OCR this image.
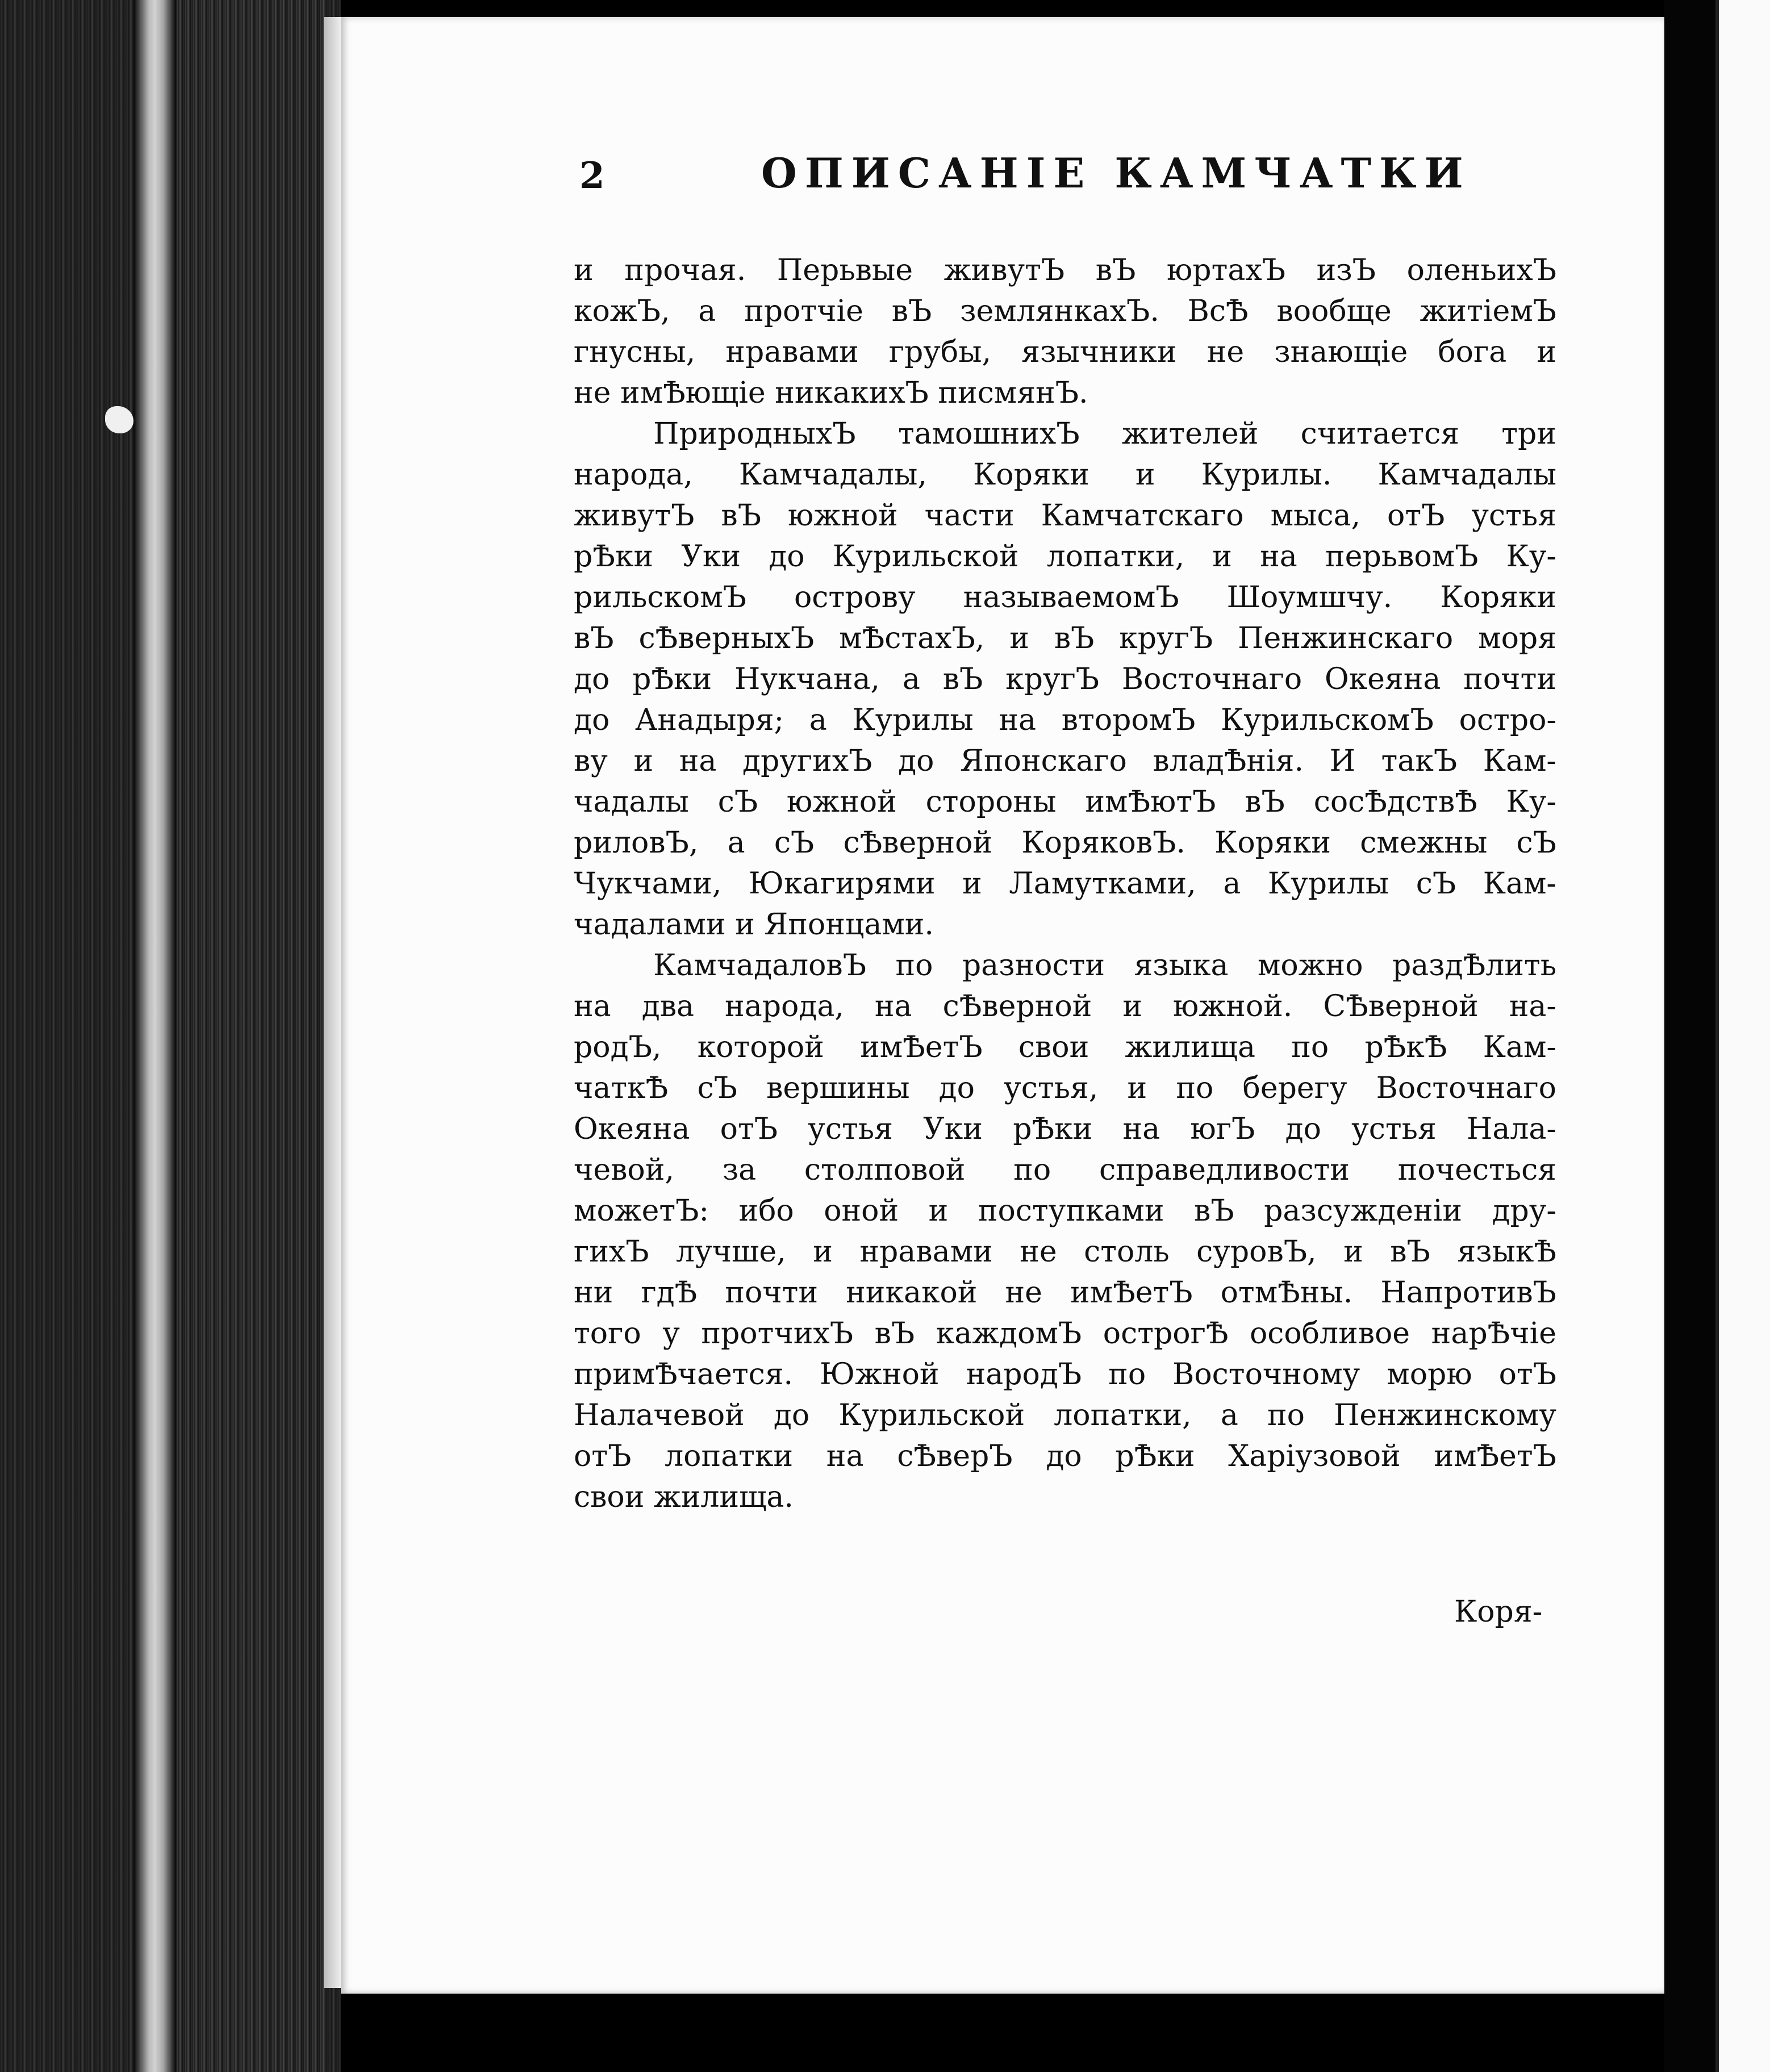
2	ОПИСАНIЕ КАМЧАТКИ
и прочая. Перьвые живутЪ вЪ юртахЪ изЪ оленьихЪ
кожЪ, а протчiе вЪ землянкахЪ. ВсѢ вообще житiемЪ
гнусны, нравами грубы, язычники не знающiе бога и
не имѢющiе никакихЪ писмянЪ.
ПриродныхЪ тамошнихЪ жителей считается три
народа, Камчадалы, Коряки и Курилы. Камчадалы
живутЪ вЪ южной части Камчатскаго мыса, отЪ устья
рѢки Уки до Курильской лопатки, и на перьвомЪ Ку-
рильскомЪ острову называемомЪ Шоумшчу. Коряки
вЪ сѢверныхЪ мѢстахЪ, и вЪ кругЪ Пенжинскаго моря
до рѢки Нукчана, а вЪ кругЪ Восточнаго Океяна почти
до Анадыря; а Курилы на второмЪ КурильскомЪ остро-
ву и на другихЪ до Японскаго владѢнiя. И такЪ Кам-
чадалы сЪ южной стороны имѢютЪ вЪ сосѢдствѢ Ку-
риловЪ, а сЪ сѢверной КоряковЪ. Коряки смежны сЪ
Чукчами, Юкагирями и Ламутками, а Курилы сЪ Кам-
чадалами и Японцами.
КамчадаловЪ по разности языка можно раздѢлить
на два народа, на сѢверной и южной. СѢверной на-
родЪ, которой имѢетЪ свои жилища по рѢкѢ Кам-
чаткѢ сЪ вершины до устья, и по берегу Восточнаго
Океяна отЪ устья Уки рѢки на югЪ до устья Нала-
чевой, за столповой по справедливости почесться
можетЪ: ибо оной и поступками вЪ разсужденiи дру-
гихЪ лучше, и нравами не столь суровЪ, и вЪ языкѢ
ни гдѢ почти никакой не имѢетЪ отмѢны. НапротивЪ
того у протчихЪ вЪ каждомЪ острогѢ особливое нарѢчiе
примѢчается. Южной народЪ по Восточному морю отЪ
Налачевой до Курильской лопатки, а по Пенжинскому
отЪ лопатки на сѢверЪ до рѢки Харiузовой имѢетЪ
свои жилища.
Коря-
